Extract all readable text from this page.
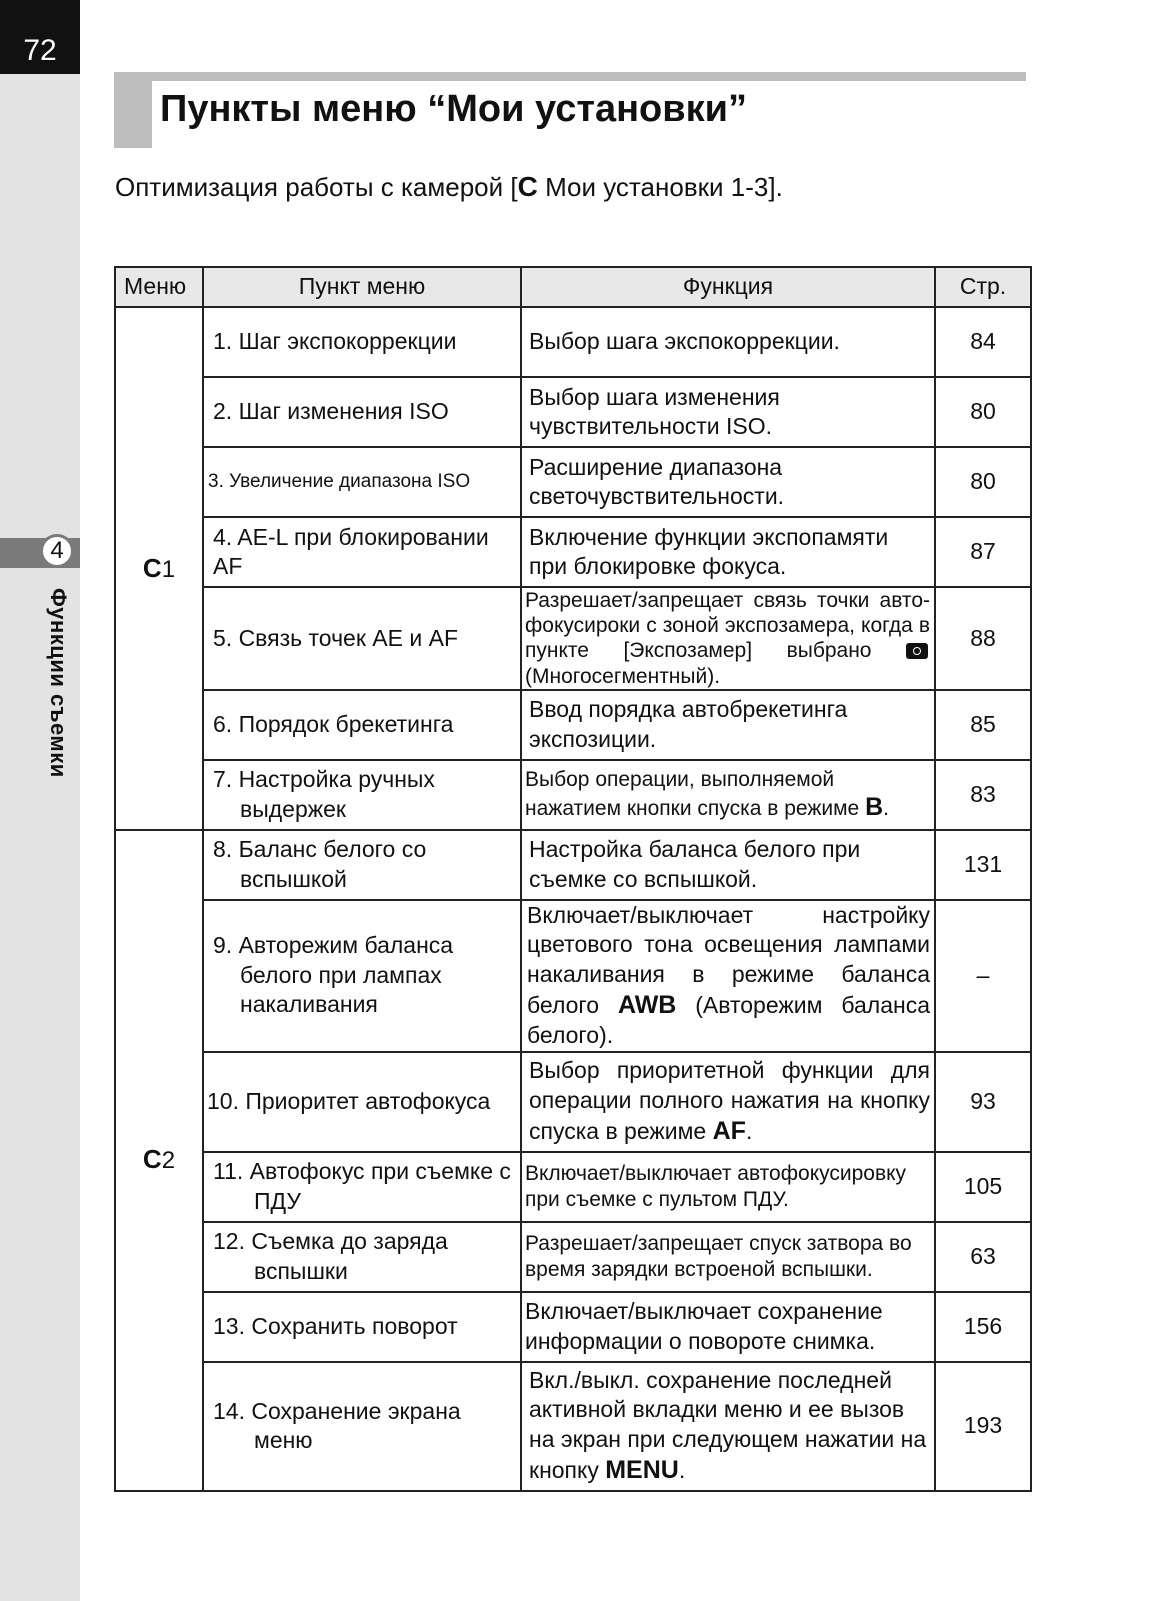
72
4
Функции съемки
Пункты меню “Мои установки”

Оптимизация работы с камерой [C Мои установки 1-3].

Меню	Пункт меню	Функция	Стр.
C1	1. Шаг экспокоррекции	Выбор шага экспокоррекции.	84

	2. Шаг изменения ISO	Выбор шага изменения чувствительности ISO.	80

	3. Увеличение диапазона ISO	Расширение диапазона светочувствительности.	80

	4. AE-L при блокировании AF	Включение функции экспопамяти при блокировке фокуса.	87

	5. Связь точек AE и AF	Разрешает/запрещает связь точки авто- фокусироки с зоной экспозамера, когда в пункте [Экспозамер] выбрано  (Многосегментный).	88

	6. Порядок брекетинга	Ввод порядка автобрекетинга экспозиции.	85

	7. Настройка ручных выдержек	Выбор операции, выполняемой нажатием кнопки спуска в режиме B.	83
C2	8. Баланс белого со вспышкой	Настройка баланса белого при съемке со вспышкой.	131

	9. Авторежим баланса белого при лампах накаливания	Включает/выключает настройку цветового тона освещения лампами накаливания в режиме баланса белого AWB (Авторежим баланса белого).	–

	10. Приоритет автофокуса	Выбор приоритетной функции для операции полного нажатия на кнопку спуска в режиме AF.	93

	11. Автофокус при съемке с ПДУ	Включает/выключает автофокусировку при съемке с пультом ПДУ.	105

	12. Съемка до заряда вспышки	Разрешает/запрещает спуск затвора во время зарядки встроеной вспышки.	63

	13. Сохранить поворот	Включает/выключает сохранение информации о повороте снимка.	156

	14. Сохранение экрана меню	Вкл./выкл. сохранение последней активной вкладки меню и ее вызов на экран при следующем нажатии на кнопку MENU.	193
